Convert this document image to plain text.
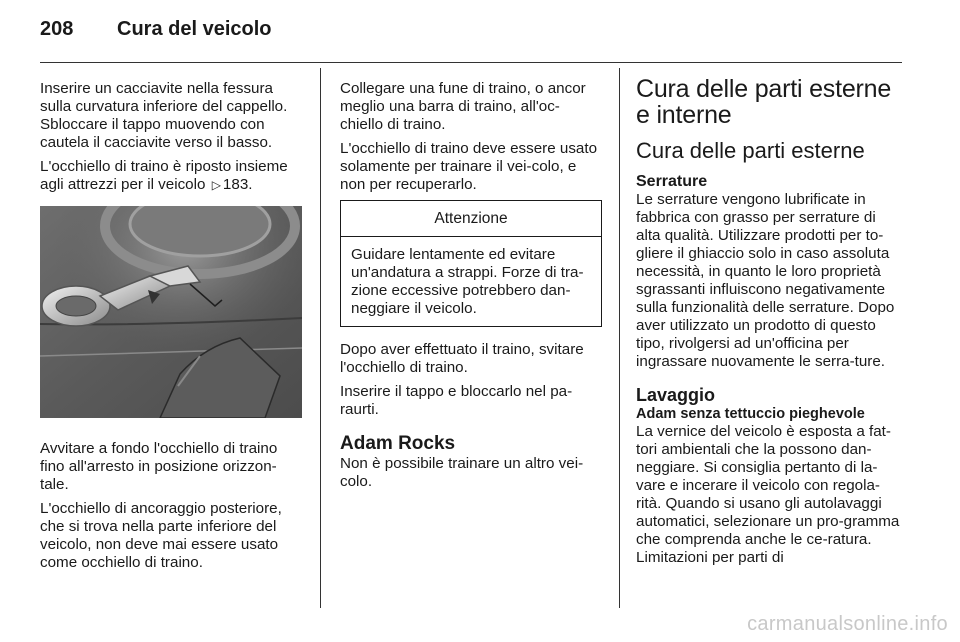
208	Cura del veicolo

Inserire un cacciavite nella fessura sulla curvatura inferiore del cappello. Sbloccare il tappo muovendo con cautela il cacciavite verso il basso.

L'occhiello di traino è riposto insieme agli attrezzi per il veicolo ▷ 183.

Avvitare a fondo l'occhiello di traino fino all'arresto in posizione orizzon-tale.

L'occhiello di ancoraggio posteriore, che si trova nella parte inferiore del veicolo, non deve mai essere usato come occhiello di traino.

Collegare una fune di traino, o ancor meglio una barra di traino, all'oc-chiello di traino.

L'occhiello di traino deve essere usato solamente per trainare il vei-colo, e non per recuperarlo.

Attenzione
Guidare lentamente ed evitare un'andatura a strappi. Forze di tra-zione eccessive potrebbero dan-neggiare il veicolo.

Dopo aver effettuato il traino, svitare l'occhiello di traino.

Inserire il tappo e bloccarlo nel pa-raurti.

Adam Rocks

Non è possibile trainare un altro vei-colo.

Cura delle parti esterne e interne
Cura delle parti esterne
Serrature

Le serrature vengono lubrificate in fabbrica con grasso per serrature di alta qualità. Utilizzare prodotti per to-gliere il ghiaccio solo in caso assoluta necessità, in quanto le loro proprietà sgrassanti influiscono negativamente sulla funzionalità delle serrature. Dopo aver utilizzato un prodotto di questo tipo, rivolgersi ad un'officina per ingrassare nuovamente le serra-ture.

Lavaggio
Adam senza tettuccio pieghevole

La vernice del veicolo è esposta a fat-tori ambientali che la possono dan-neggiare. Si consiglia pertanto di la-vare e incerare il veicolo con regola-rità. Quando si usano gli autolavaggi automatici, selezionare un pro-gramma che comprenda anche le ce-ratura. Limitazioni per parti di

carmanualsonline.info
